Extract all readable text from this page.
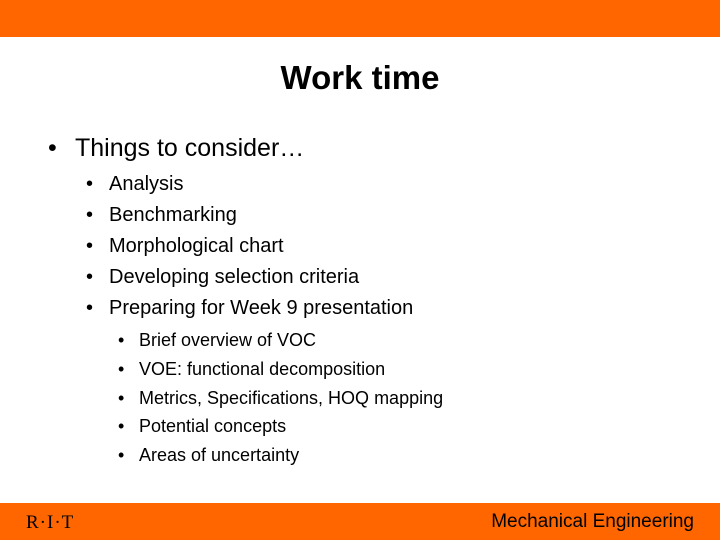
Work time
• Things to consider…
• Analysis
• Benchmarking
• Morphological chart
• Developing selection criteria
• Preparing for Week 9 presentation
• Brief overview of VOC
• VOE: functional decomposition
• Metrics, Specifications, HOQ mapping
• Potential concepts
• Areas of uncertainty
R·I·T	Mechanical Engineering
